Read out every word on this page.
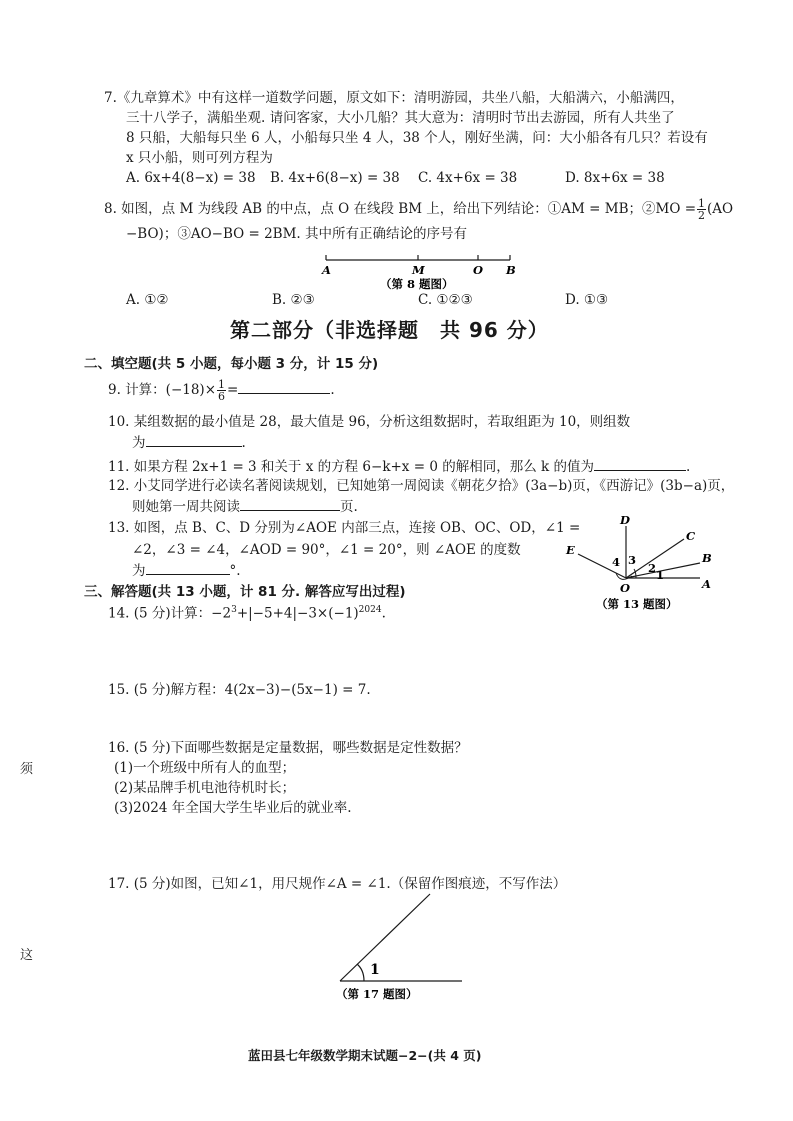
7.《九章算术》中有这样一道数学问题，原文如下：清明游园，共坐八船，大船满六，小船满四，
三十八学子，满船坐观. 请问客家，大小几船？其大意为：清明时节出去游园，所有人共坐了
8 只船，大船每只坐 6 人，小船每只坐 4 人，38 个人，刚好坐满，问：大小船各有几只？若设有
x 只小船，则可列方程为
A. 6x+4(8−x) = 38 B. 4x+6(8−x) = 38 C. 4x+6x = 38	D. 8x+6x = 38
8. 如图，点 M 为线段 AB 的中点，点 O 在线段 BM 上，给出下列结论：①AM = MB；②MO = $\frac{1}{2} (AO$
−BO)；③AO−BO = 2BM. 其中所有正确结论的序号有
A	M	O B
（第 8 题图）
A. ①②	B. ②③	C. ①②③	D. ①③
第二部分（非选择题　共 96 分）
二、填空题(共 5 小题，每小题 3 分，计 15 分)
9. 计算：$(-18)\times \frac{1}{6}$ =	.
10. 某组数据的最小值是 28，最大值是 96，分析这组数据时，若取组距为 10，则组数
为	.
11. 如果方程 2x+1 = 3 和关于 x 的方程 6−k+x = 0 的解相同，那么 k 的值为	.
12. 小艾同学进行必读名著阅读规划，已知她第一周阅读《朝花夕拾》(3a−b)页，《西游记》(3b−a)页，
则她第一周共阅读	页.
13. 如图，点 B、C、D 分别为∠AOE 内部三点，连接 OB、OC、OD，∠1 =
∠2，∠3 = ∠4，∠AOD = 90°，∠1 = 20°，则 ∠AOE 的度数
为	°.
D
C
B
A
E
O
4 3
2 1
（第 13 题图）
三、解答题(共 13 小题，计 81 分. 解答应写出过程)
14. (5 分)计算：$-2^3+|-5+4|-3\times(-1)^{2024}$.
15. (5 分)解方程：4(2x−3)−(5x−1) = 7.
16. (5 分)下面哪些数据是定量数据，哪些数据是定性数据？
(1)一个班级中所有人的血型；
(2)某品牌手机电池待机时长；
(3)2024 年全国大学生毕业后的就业率.
17. (5 分)如图，已知∠1，用尺规作∠A = ∠1.（保留作图痕迹，不写作法）
1
（第 17 题图）
须
这
蓝田县七年级数学期末试题−2−(共 4 页)
